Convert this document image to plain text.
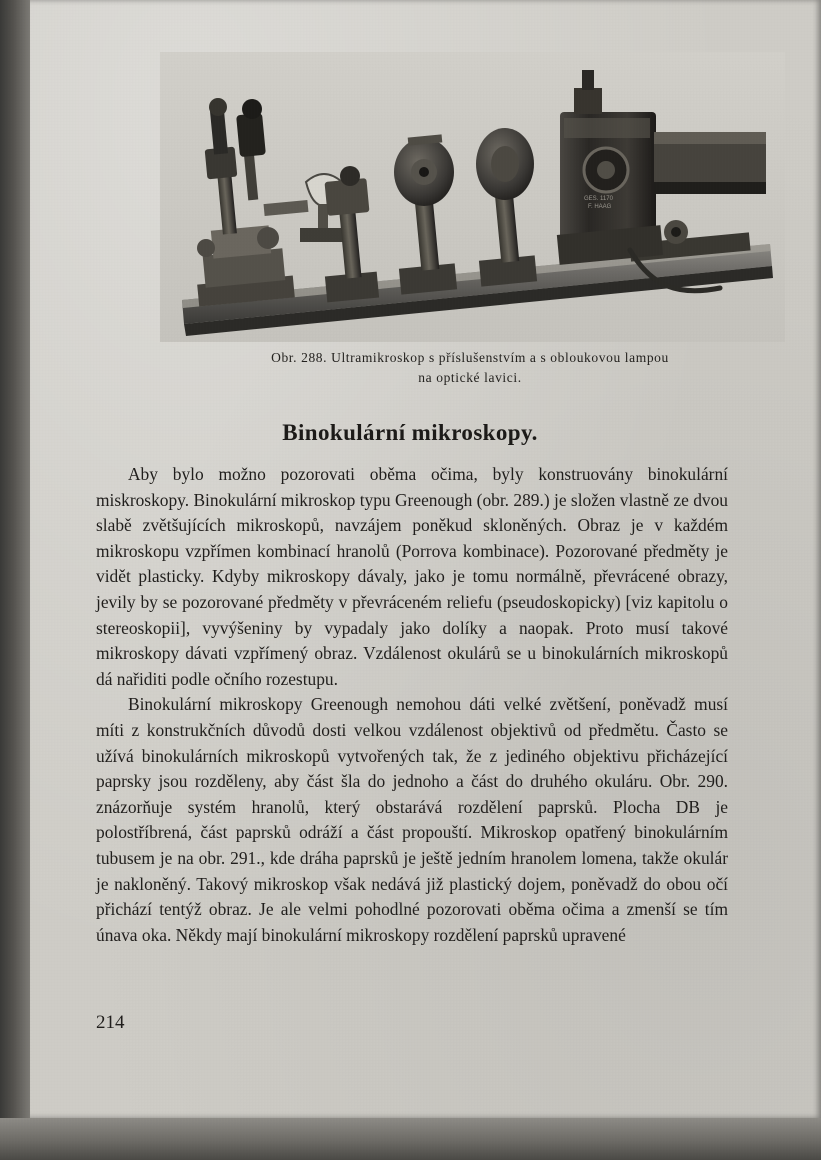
GES. 1170
F. HAAG
Obr. 288. Ultramikroskop s příslušenstvím a s obloukovou lampou
na optické lavici.
Binokulární mikroskopy.

Aby bylo možno pozorovati oběma očima, byly konstruovány binokulární miskroskopy. Binokulární mikroskop typu Greenough (obr. 289.) je složen vlastně ze dvou slabě zvětšujících mikroskopů, navzájem poněkud skloněných. Obraz je v každém mikroskopu vzpřímen kombinací hranolů (Porrova kombinace). Pozorované předměty je vidět plasticky. Kdyby mikroskopy dávaly, jako je tomu normálně, převrácené obrazy, jevily by se pozorované předměty v převráceném reliefu (pseudoskopicky) [viz kapitolu o stereoskopii], vyvýšeniny by vypadaly jako dolíky a naopak. Proto musí takové mikroskopy dávati vzpřímený obraz. Vzdálenost okulárů se u binokulárních mikroskopů dá nařiditi podle očního rozestupu.

Binokulární mikroskopy Greenough nemohou dáti velké zvětšení, poněvadž musí míti z konstrukčních důvodů dosti velkou vzdálenost objektivů od předmětu. Často se užívá binokulárních mikroskopů vytvořených tak, že z jediného objektivu přicházející paprsky jsou rozděleny, aby část šla do jednoho a část do druhého okuláru. Obr. 290. znázorňuje systém hranolů, který obstarává rozdělení paprsků. Plocha DB je polostříbrená, část paprsků odráží a část propouští. Mikroskop opatřený binokulárním tubusem je na obr. 291., kde dráha paprsků je ještě jedním hranolem lomena, takže okulár je nakloněný. Takový mikroskop však nedává již plastický dojem, poněvadž do obou očí přichází tentýž obraz. Je ale velmi pohodlné pozorovati oběma očima a zmenší se tím únava oka. Někdy mají binokulární mikroskopy rozdělení paprsků upravené

214
